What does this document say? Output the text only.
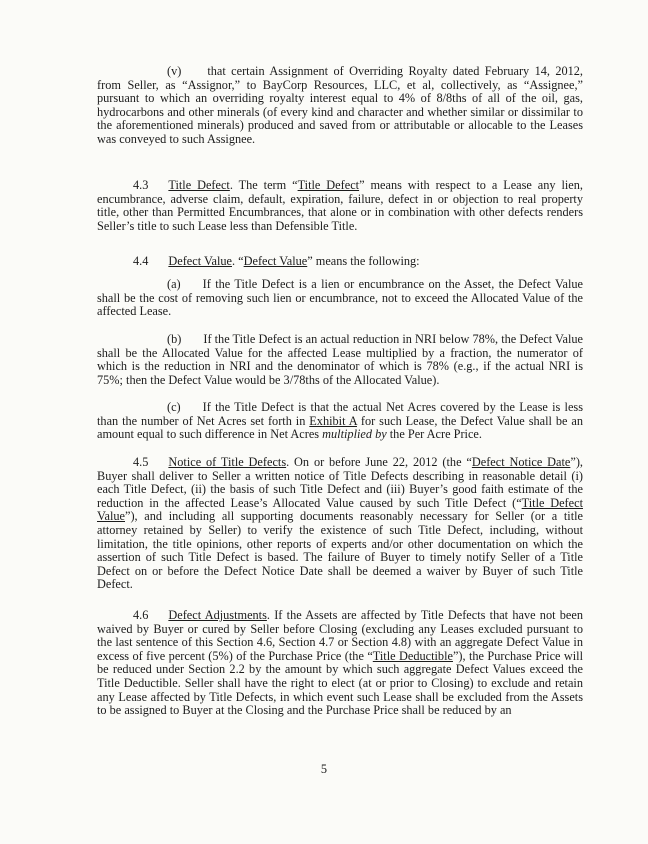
(v) that certain Assignment of Overriding Royalty dated February 14, 2012, from Seller, as “Assignor,” to BayCorp Resources, LLC, et al, collectively, as “Assignee,” pursuant to which an overriding royalty interest equal to 4% of 8/8ths of all of the oil, gas, hydrocarbons and other minerals (of every kind and character and whether similar or dissimilar to the aforementioned minerals) produced and saved from or attributable or allocable to the Leases was conveyed to such Assignee.

4.3 Title Defect. The term “Title Defect” means with respect to a Lease any lien, encumbrance, adverse claim, default, expiration, failure, defect in or objection to real property title, other than Permitted Encumbrances, that alone or in combination with other defects renders Seller’s title to such Lease less than Defensible Title.

4.4 Defect Value. “Defect Value” means the following:

(a) If the Title Defect is a lien or encumbrance on the Asset, the Defect Value shall be the cost of removing such lien or encumbrance, not to exceed the Allocated Value of the affected Lease.

(b) If the Title Defect is an actual reduction in NRI below 78%, the Defect Value shall be the Allocated Value for the affected Lease multiplied by a fraction, the numerator of which is the reduction in NRI and the denominator of which is 78% (e.g., if the actual NRI is 75%; then the Defect Value would be 3/78ths of the Allocated Value).

(c) If the Title Defect is that the actual Net Acres covered by the Lease is less than the number of Net Acres set forth in Exhibit A for such Lease, the Defect Value shall be an amount equal to such difference in Net Acres multiplied by the Per Acre Price.

4.5 Notice of Title Defects. On or before June 22, 2012 (the “Defect Notice Date”), Buyer shall deliver to Seller a written notice of Title Defects describing in reasonable detail (i) each Title Defect, (ii) the basis of such Title Defect and (iii) Buyer’s good faith estimate of the reduction in the affected Lease’s Allocated Value caused by such Title Defect (“Title Defect Value”), and including all supporting documents reasonably necessary for Seller (or a title attorney retained by Seller) to verify the existence of such Title Defect, including, without limitation, the title opinions, other reports of experts and/or other documentation on which the assertion of such Title Defect is based. The failure of Buyer to timely notify Seller of a Title Defect on or before the Defect Notice Date shall be deemed a waiver by Buyer of such Title Defect.

4.6 Defect Adjustments. If the Assets are affected by Title Defects that have not been waived by Buyer or cured by Seller before Closing (excluding any Leases excluded pursuant to the last sentence of this Section 4.6, Section 4.7 or Section 4.8) with an aggregate Defect Value in excess of five percent (5%) of the Purchase Price (the “Title Deductible”), the Purchase Price will be reduced under Section 2.2 by the amount by which such aggregate Defect Values exceed the Title Deductible. Seller shall have the right to elect (at or prior to Closing) to exclude and retain any Lease affected by Title Defects, in which event such Lease shall be excluded from the Assets to be assigned to Buyer at the Closing and the Purchase Price shall be reduced by an

5
